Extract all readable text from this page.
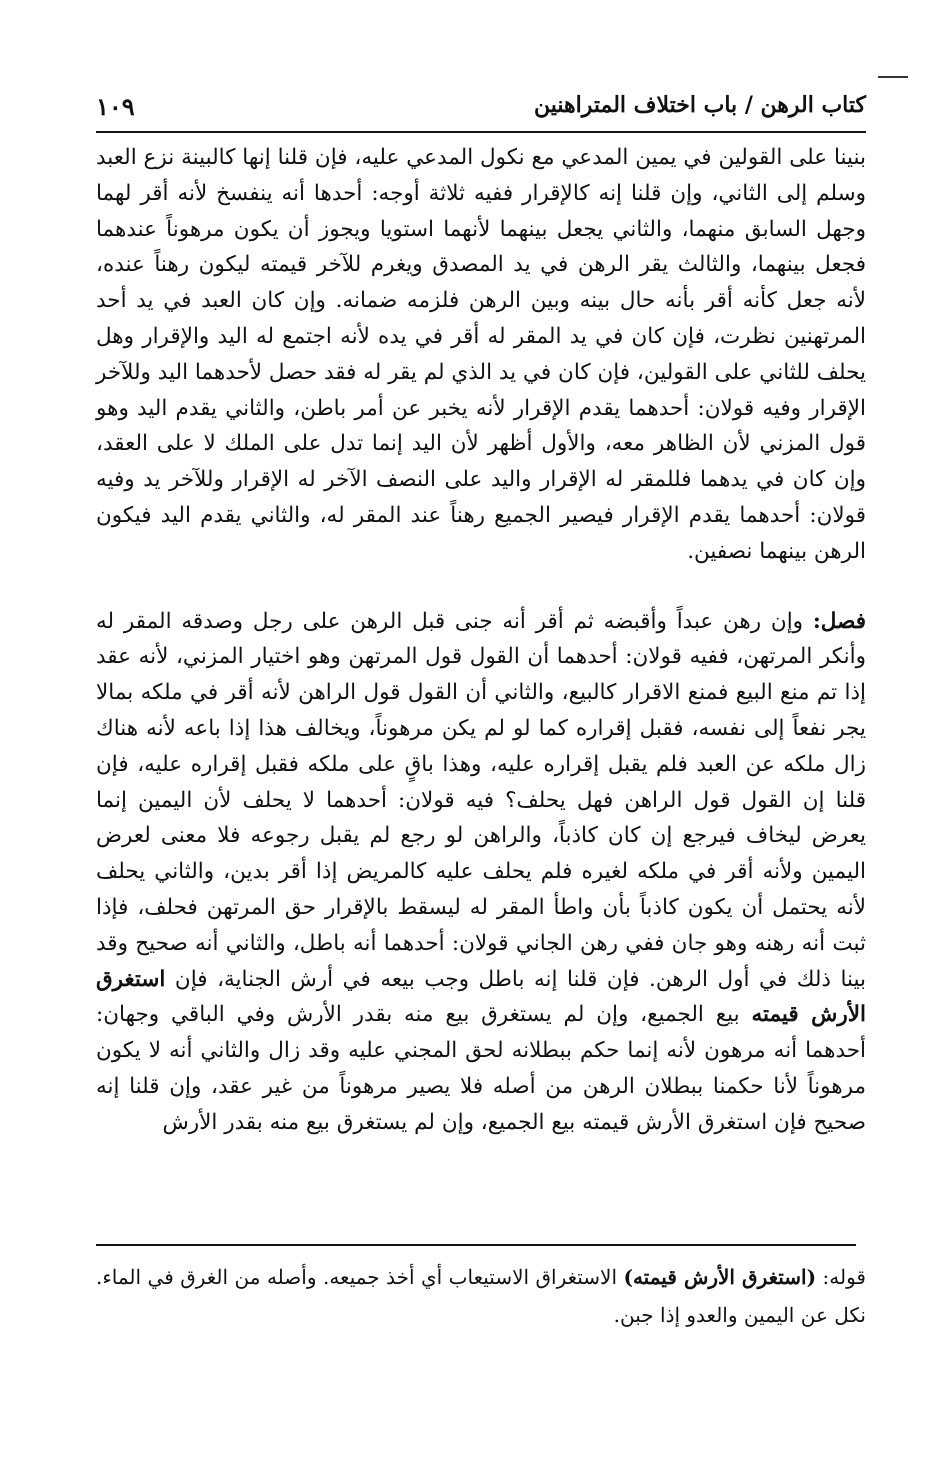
كتاب الرهن / باب اختلاف المتراهنين
١٠٩

بنينا على القولين في يمين المدعي مع نكول المدعي عليه، فإن قلنا إنها كالبينة نزع العبد وسلم إلى الثاني، وإن قلنا إنه كالإقرار ففيه ثلاثة أوجه: أحدها أنه ينفسخ لأنه أقر لهما وجهل السابق منهما، والثاني يجعل بينهما لأنهما استويا ويجوز أن يكون مرهوناً عندهما فجعل بينهما، والثالث يقر الرهن في يد المصدق ويغرم للآخر قيمته ليكون رهناً عنده، لأنه جعل كأنه أقر بأنه حال بينه وبين الرهن فلزمه ضمانه. وإن كان العبد في يد أحد المرتهنين نظرت، فإن كان في يد المقر له أقر في يده لأنه اجتمع له اليد والإقرار وهل يحلف للثاني على القولين، فإن كان في يد الذي لم يقر له فقد حصل لأحدهما اليد وللآخر الإقرار وفيه قولان: أحدهما يقدم الإقرار لأنه يخبر عن أمر باطن، والثاني يقدم اليد وهو قول المزني لأن الظاهر معه، والأول أظهر لأن اليد إنما تدل على الملك لا على العقد، وإن كان في يدهما فللمقر له الإقرار واليد على النصف الآخر له الإقرار وللآخر يد وفيه قولان: أحدهما يقدم الإقرار فيصير الجميع رهناً عند المقر له، والثاني يقدم اليد فيكون الرهن بينهما نصفين.

فصل: وإن رهن عبداً وأقبضه ثم أقر أنه جنى قبل الرهن على رجل وصدقه المقر له وأنكر المرتهن، ففيه قولان: أحدهما أن القول قول المرتهن وهو اختيار المزني، لأنه عقد إذا تم منع البيع فمنع الاقرار كالبيع، والثاني أن القول قول الراهن لأنه أقر في ملكه بمالا يجر نفعاً إلى نفسه، فقبل إقراره كما لو لم يكن مرهوناً، ويخالف هذا إذا باعه لأنه هناك زال ملكه عن العبد فلم يقبل إقراره عليه، وهذا باقٍ على ملكه فقبل إقراره عليه، فإن قلنا إن القول قول الراهن فهل يحلف؟ فيه قولان: أحدهما لا يحلف لأن اليمين إنما يعرض ليخاف فيرجع إن كان كاذباً، والراهن لو رجع لم يقبل رجوعه فلا معنى لعرض اليمين ولأنه أقر في ملكه لغيره فلم يحلف عليه كالمريض إذا أقر بدين، والثاني يحلف لأنه يحتمل أن يكون كاذباً بأن واطأ المقر له ليسقط بالإقرار حق المرتهن فحلف، فإذا ثبت أنه رهنه وهو جان ففي رهن الجاني قولان: أحدهما أنه باطل، والثاني أنه صحيح وقد بينا ذلك في أول الرهن. فإن قلنا إنه باطل وجب بيعه في أرش الجناية، فإن استغرق الأرش قيمته بيع الجميع، وإن لم يستغرق بيع منه بقدر الأرش وفي الباقي وجهان: أحدهما أنه مرهون لأنه إنما حكم ببطلانه لحق المجني عليه وقد زال والثاني أنه لا يكون مرهوناً لأنا حكمنا ببطلان الرهن من أصله فلا يصير مرهوناً من غير عقد، وإن قلنا إنه صحيح فإن استغرق الأرش قيمته بيع الجميع، وإن لم يستغرق بيع منه بقدر الأرش

قوله: (استغرق الأرش قيمته) الاستغراق الاستيعاب أي أخذ جميعه. وأصله من الغرق في الماء. نكل عن اليمين والعدو إذا جبن.
